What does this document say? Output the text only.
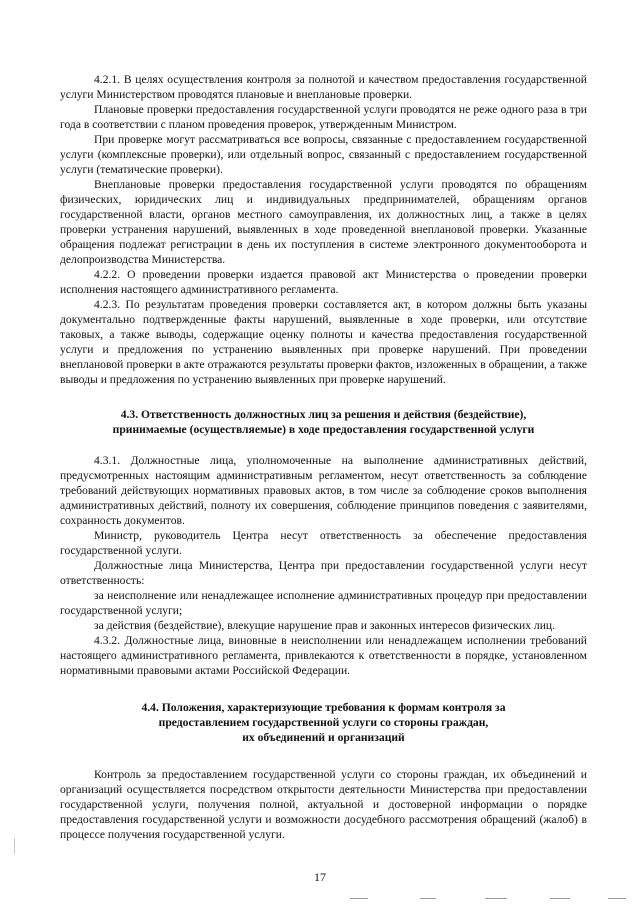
4.2.1. В целях осуществления контроля за полнотой и качеством предоставления государственной услуги Министерством проводятся плановые и внеплановые проверки.

Плановые проверки предоставления государственной услуги проводятся не реже одного раза в три года в соответствии с планом проведения проверок, утвержденным Министром.

При проверке могут рассматриваться все вопросы, связанные с предоставлением государственной услуги (комплексные проверки), или отдельный вопрос, связанный с предоставлением государственной услуги (тематические проверки).

Внеплановые проверки предоставления государственной услуги проводятся по обращениям физических, юридических лиц и индивидуальных предпринимателей, обращениям органов государственной власти, органов местного самоуправления, их должностных лиц, а также в целях проверки устранения нарушений, выявленных в ходе проведенной внеплановой проверки. Указанные обращения подлежат регистрации в день их поступления в системе электронного документооборота и делопроизводства Министерства.

4.2.2. О проведении проверки издается правовой акт Министерства о проведении проверки исполнения настоящего административного регламента.

4.2.3. По результатам проведения проверки составляется акт, в котором должны быть указаны документально подтвержденные факты нарушений, выявленные в ходе проверки, или отсутствие таковых, а также выводы, содержащие оценку полноты и качества предоставления государственной услуги и предложения по устранению выявленных при проверке нарушений. При проведении внеплановой проверки в акте отражаются результаты проверки фактов, изложенных в обращении, а также выводы и предложения по устранению выявленных при проверке нарушений.

4.3. Ответственность должностных лиц за решения и действия (бездействие),
принимаемые (осуществляемые) в ходе предоставления государственной услуги

4.3.1. Должностные лица, уполномоченные на выполнение административных действий, предусмотренных настоящим административным регламентом, несут ответственность за соблюдение требований действующих нормативных правовых актов, в том числе за соблюдение сроков выполнения административных действий, полноту их совершения, соблюдение принципов поведения с заявителями, сохранность документов.

Министр, руководитель Центра несут ответственность за обеспечение предоставления государственной услуги.

Должностные лица Министерства, Центра при предоставлении государственной услуги несут ответственность:

за неисполнение или ненадлежащее исполнение административных процедур при предоставлении государственной услуги;

за действия (бездействие), влекущие нарушение прав и законных интересов физических лиц.

4.3.2. Должностные лица, виновные в неисполнении или ненадлежащем исполнении требований настоящего административного регламента, привлекаются к ответственности в порядке, установленном нормативными правовыми актами Российской Федерации.

4.4. Положения, характеризующие требования к формам контроля за
предоставлением государственной услуги со стороны граждан,
их объединений и организаций

Контроль за предоставлением государственной услуги со стороны граждан, их объединений и организаций осуществляется посредством открытости деятельности Министерства при предоставлении государственной услуги, получения полной, актуальной и достоверной информации о порядке предоставления государственной услуги и возможности досудебного рассмотрения обращений (жалоб) в процессе получения государственной услуги.

17
